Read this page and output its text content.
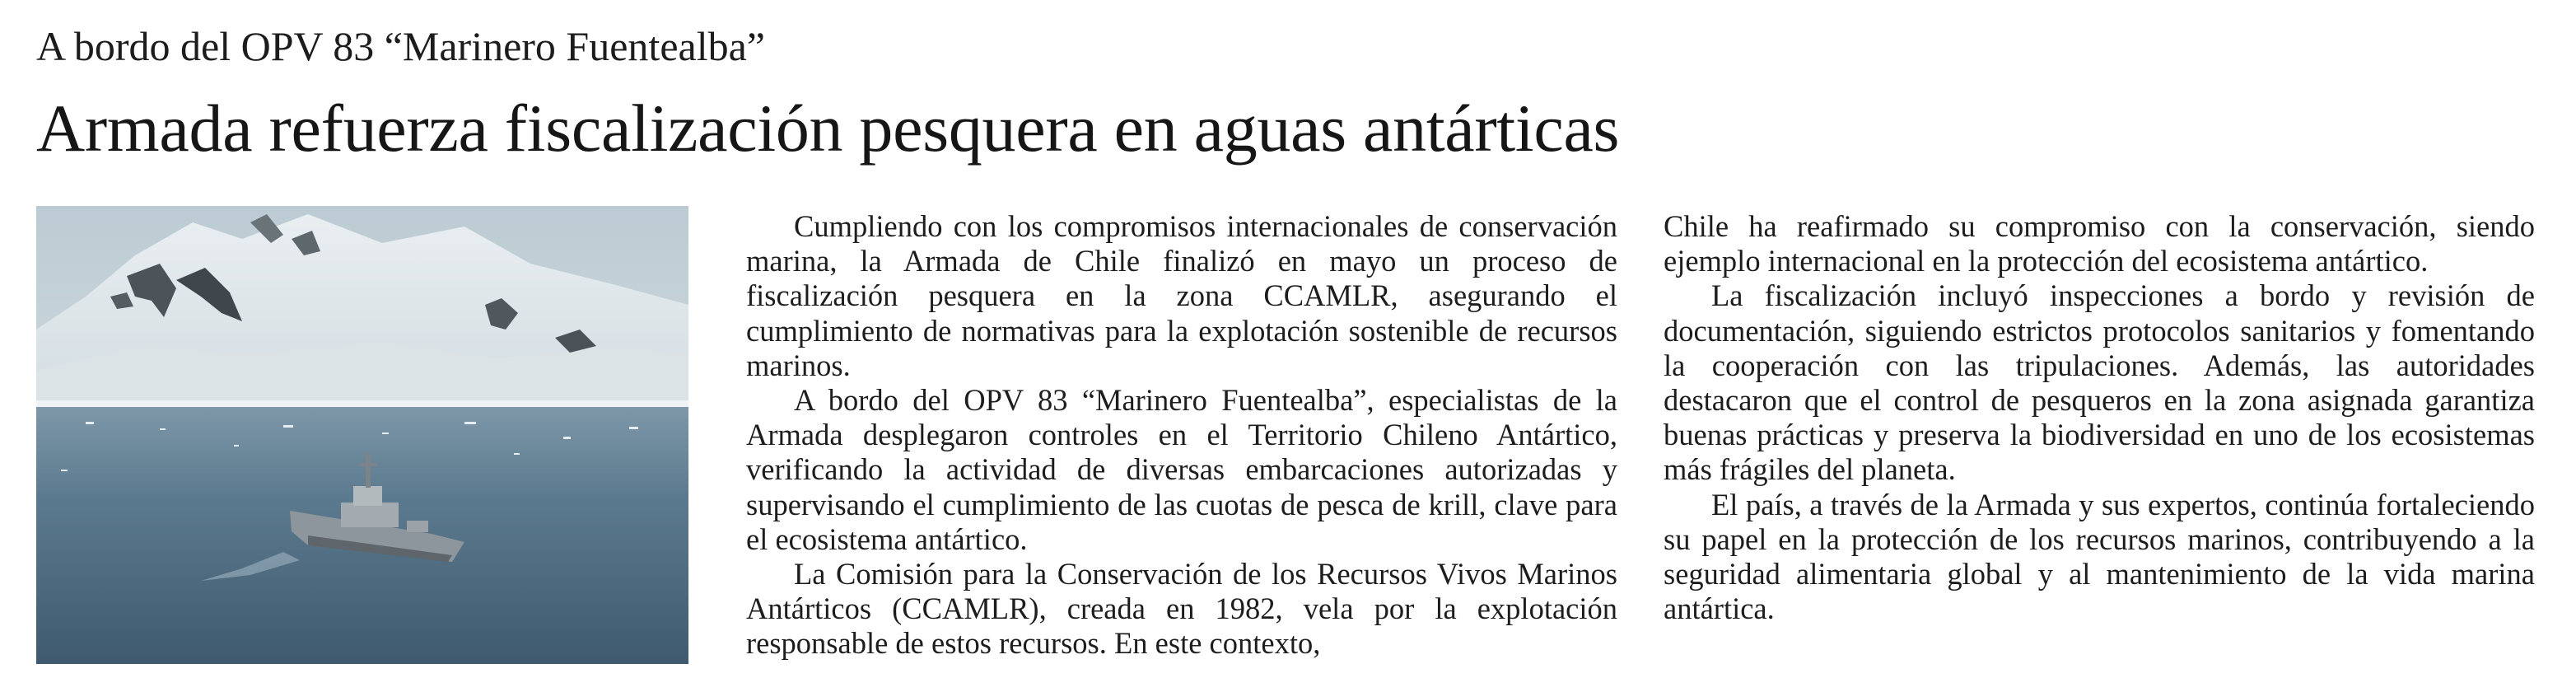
A bordo del OPV 83 “Marinero Fuentealba”
Armada refuerza fiscalización pesquera en aguas antárticas

Cumpliendo con los compromisos internacionales de conservación marina, la Armada de Chile finalizó en mayo un proceso de fiscalización pesquera en la zona CCAMLR, asegurando el cumplimiento de normativas para la explotación sostenible de recursos marinos.

A bordo del OPV 83 “Marinero Fuentealba”, especialistas de la Armada desplegaron controles en el Territorio Chileno Antártico, verificando la actividad de diversas embarcaciones autorizadas y supervisando el cumplimiento de las cuotas de pesca de krill, clave para el ecosistema antártico.

La Comisión para la Conservación de los Recursos Vivos Marinos Antárticos (CCAMLR), creada en 1982, vela por la explotación responsable de estos recursos. En este contexto,

Chile ha reafirmado su compromiso con la conservación, siendo ejemplo internacional en la protección del ecosistema antártico.

La fiscalización incluyó inspecciones a bordo y revisión de documentación, siguiendo estrictos protocolos sanitarios y fomentando la cooperación con las tripulaciones. Además, las autoridades destacaron que el control de pesqueros en la zona asignada garantiza buenas prácticas y preserva la biodiversidad en uno de los ecosistemas más frágiles del planeta.

El país, a través de la Armada y sus expertos, continúa fortaleciendo su papel en la protección de los recursos marinos, contribuyendo a la seguridad alimentaria global y al mantenimiento de la vida marina antártica.
